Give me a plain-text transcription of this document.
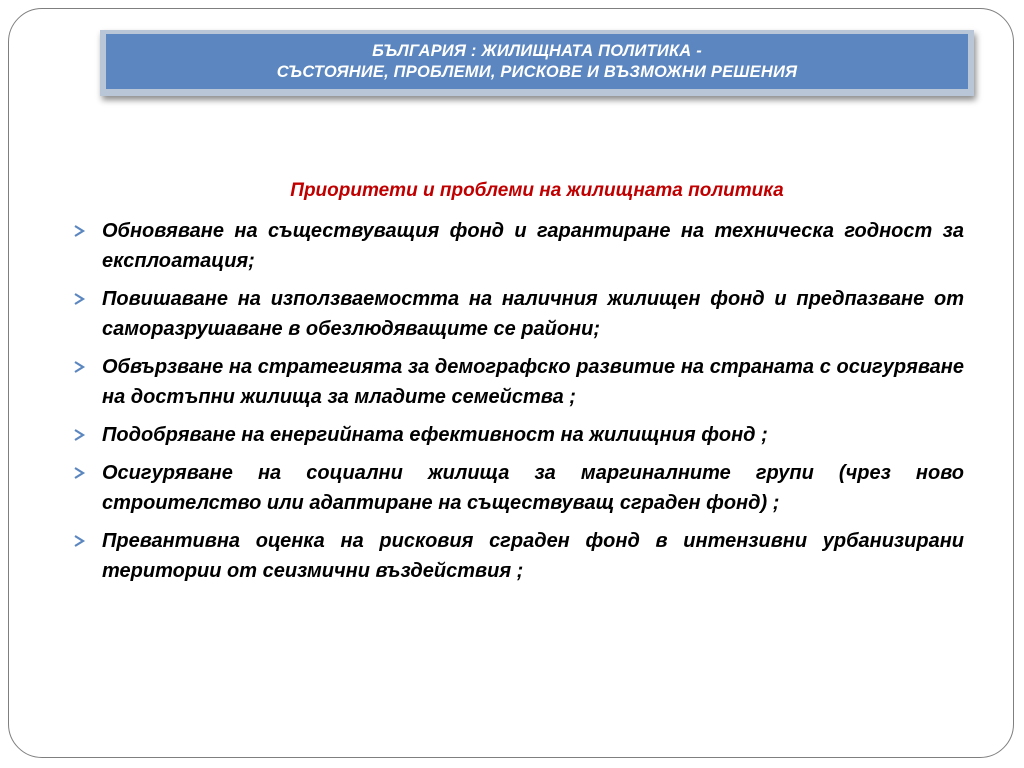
БЪЛГАРИЯ : ЖИЛИЩНАТА ПОЛИТИКА -
СЪСТОЯНИЕ, ПРОБЛЕМИ, РИСКОВЕ И ВЪЗМОЖНИ РЕШЕНИЯ
Приоритети и проблеми на жилищната политика
Обновяване на съществуващия фонд и гарантиране на техническа годност за експлоатация;
Повишаване на използваемостта на наличния жилищен фонд и предпазване от саморазрушаване в обезлюдяващите се райони;
Обвързване на стратегията за демографско развитие на страната с осигуряване на достъпни жилища за младите семейства ;
Подобряване на енергийната ефективност на жилищния фонд ;
Осигуряване на социални жилища за маргиналните групи (чрез ново строителство или адаптиране на съществуващ сграден фонд) ;
Превантивна оценка на рисковия сграден фонд в интензивни урбанизирани територии от сеизмични въздействия ;
